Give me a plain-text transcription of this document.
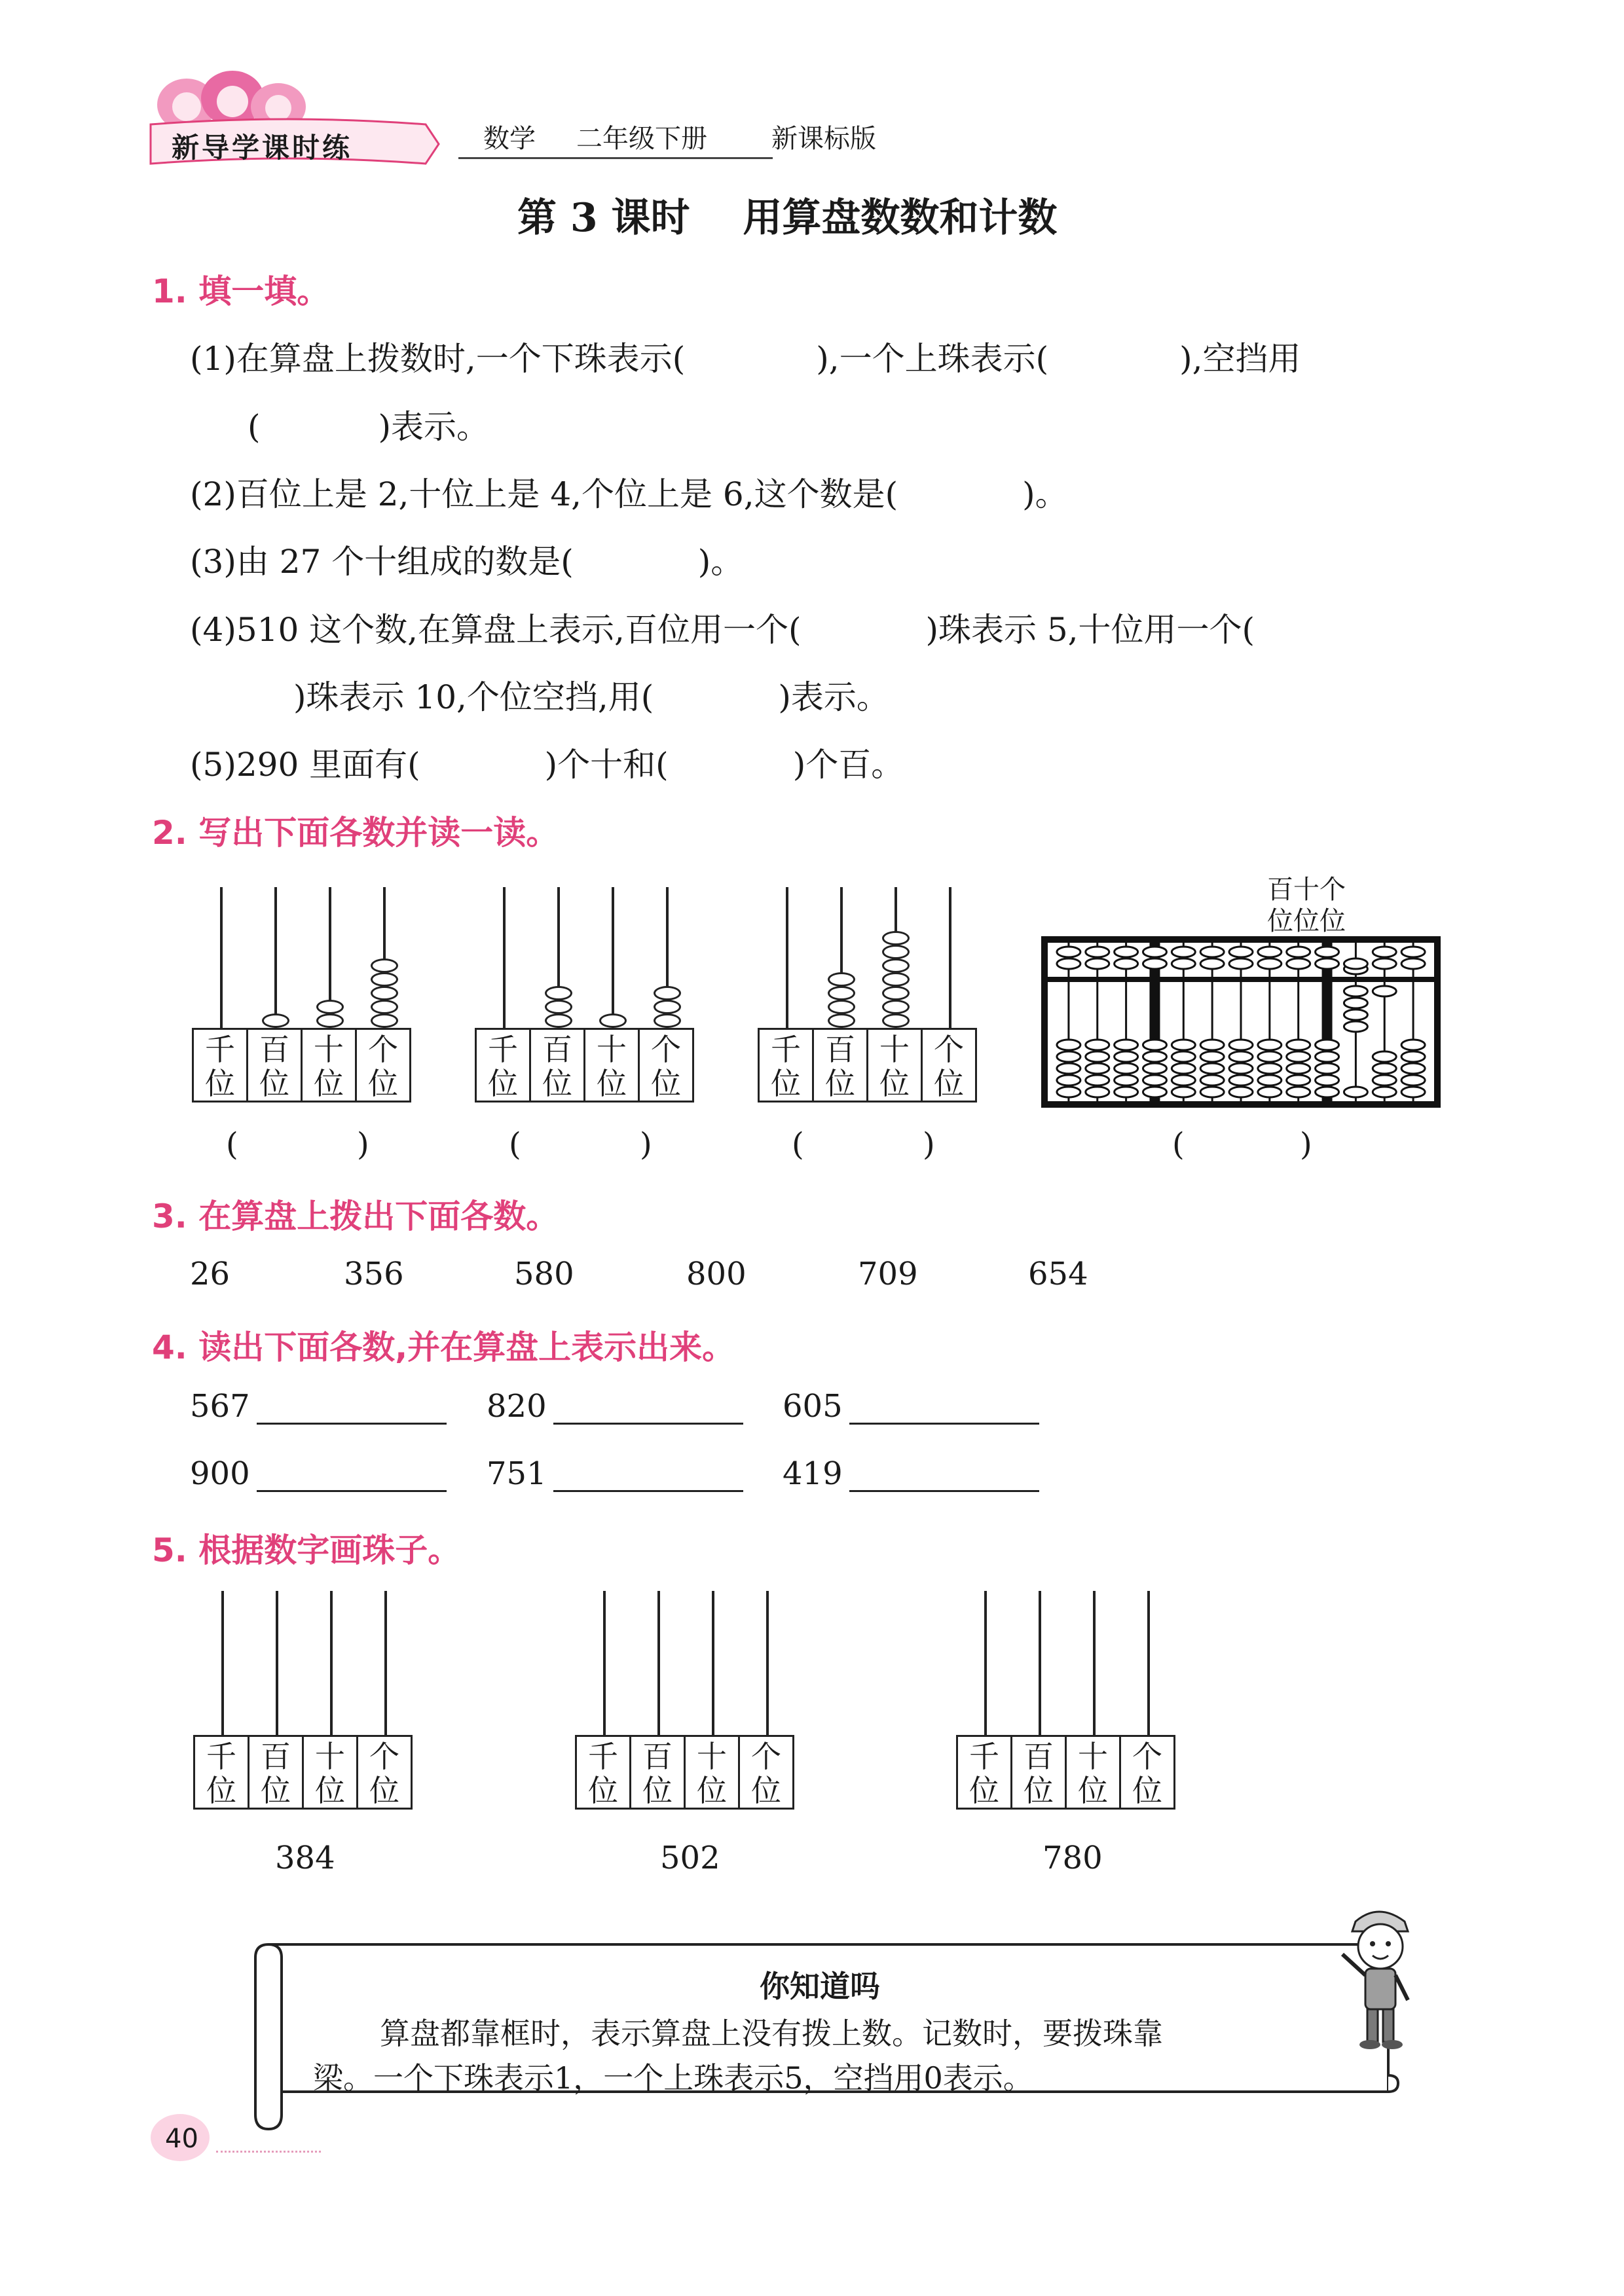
新导学课时练	数学 二年级下册 新课标版
第 3 课时　 用算盘数数和计数
1. 填一填。
(1)在算盘上拨数时,一个下珠表示(	),一个上珠表示(	),空挡用
(	)表示。
(2)百位上是 2,十位上是 4,个位上是 6,这个数是(	)。
(3)由 27 个十组成的数是(	)。
(4)510 这个数,在算盘上表示,百位用一个(	)珠表示 5,十位用一个(
)珠表示 10,个位空挡,用(	)表示。
(5)290 里面有(	)个十和(	)个百。
2. 写出下面各数并读一读。
千
位
百
位
十
位
个
位
(	)
千
位
百
位
十
位
个
位
(	)
千
位
百
位
十
位
个
位
(	)
百十个
位位位
(	)
3. 在算盘上拨出下面各数。
26	356	580	800	709	654
4. 读出下面各数,并在算盘上表示出来。
567	820	605
900	751	419
5. 根据数字画珠子。
千
位
百
位
十
位
个
位
千
位
百
位
十
位
个
位
千
位
百
位
十
位
个
位
384	502	780
你知道吗
算盘都靠框时，表示算盘上没有拨上数。记数时，要拨珠靠
梁。一个下珠表示1，一个上珠表示5，空挡用0表示。
40
